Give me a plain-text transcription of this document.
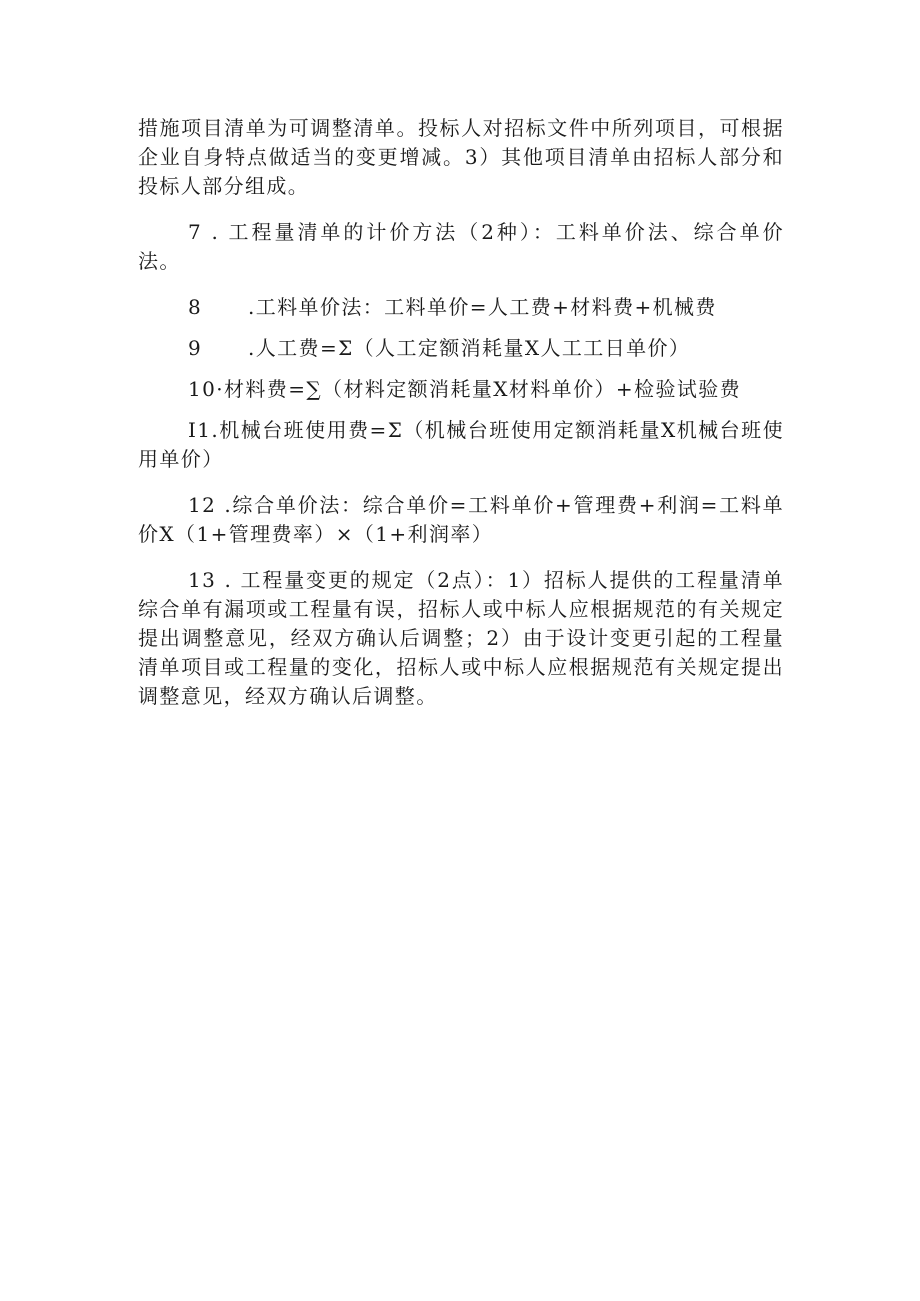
措施项目清单为可调整清单。投标人对招标文件中所列项目，可根据企业自身特点做适当的变更增减。3）其他项目清单由招标人部分和投标人部分组成。

7 . 工程量清单的计价方法（2种）：工料单价法、综合单价法。

8 .工料单价法：工料单价=人工费+材料费+机械费

9 .人工费=Σ（人工定额消耗量X人工工日单价）

10·材料费=∑（材料定额消耗量X材料单价）+检验试验费

I1.机械台班使用费=Σ（机械台班使用定额消耗量X机械台班使用单价）

12 .综合单价法：综合单价=工料单价+管理费+利润=工料单价X（1+管理费率）×（1+利润率）

13 . 工程量变更的规定（2点）：1）招标人提供的工程量清单综合单有漏项或工程量有误，招标人或中标人应根据规范的有关规定提出调整意见，经双方确认后调整；2）由于设计变更引起的工程量清单项目或工程量的变化，招标人或中标人应根据规范有关规定提出调整意见，经双方确认后调整。
